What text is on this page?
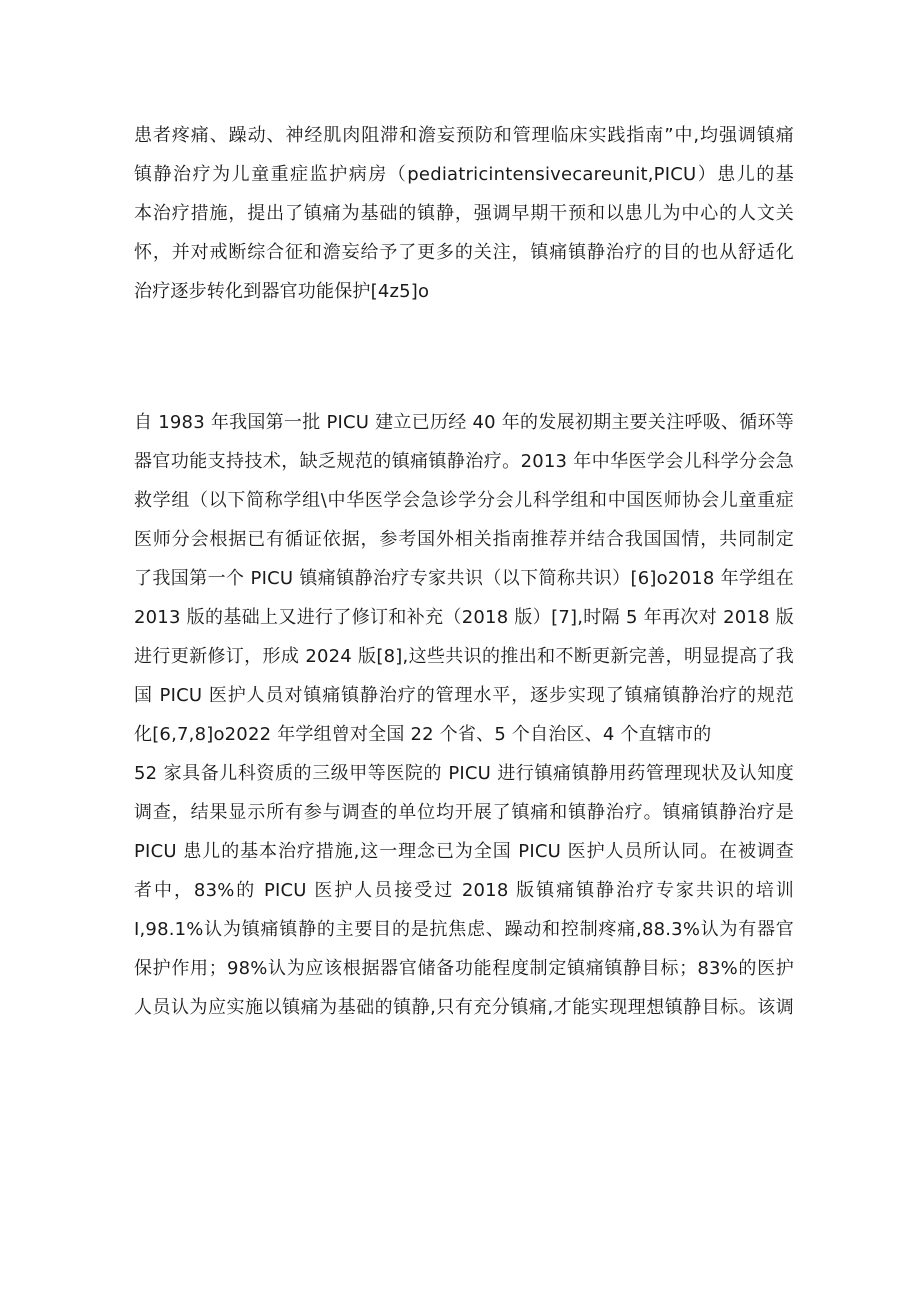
患者疼痛、躁动、神经肌肉阻滞和澹妄预防和管理临床实践指南”中,均强调镇痛
镇静治疗为儿童重症监护病房（pediatricintensivecareunit,PICU）患儿的基
本治疗措施，提出了镇痛为基础的镇静，强调早期干预和以患儿为中心的人文关
怀，并对戒断综合征和澹妄给予了更多的关注，镇痛镇静治疗的目的也从舒适化
治疗逐步转化到器官功能保护[4z5]o
自 1983 年我国第一批 PICU 建立已历经 40 年的发展初期主要关注呼吸、循环等
器官功能支持技术，缺乏规范的镇痛镇静治疗。2013 年中华医学会儿科学分会急
救学组（以下简称学组\中华医学会急诊学分会儿科学组和中国医师协会儿童重症
医师分会根据已有循证依据，参考国外相关指南推荐并结合我国国情，共同制定
了我国第一个 PICU 镇痛镇静治疗专家共识（以下简称共识）[6]o2018 年学组在
2013 版的基础上又进行了修订和补充（2018 版）[7],时隔 5 年再次对 2018 版
进行更新修订，形成 2024 版[8],这些共识的推出和不断更新完善，明显提高了我
国 PICU 医护人员对镇痛镇静治疗的管理水平，逐步实现了镇痛镇静治疗的规范
化[6,7,8]o2022 年学组曾对全国 22 个省、5 个自治区、4 个直辖市的
52 家具备儿科资质的三级甲等医院的 PICU 进行镇痛镇静用药管理现状及认知度
调查，结果显示所有参与调查的单位均开展了镇痛和镇静治疗。镇痛镇静治疗是
PICU 患儿的基本治疗措施,这一理念已为全国 PICU 医护人员所认同。在被调查
者中，83%的 PICU 医护人员接受过 2018 版镇痛镇静治疗专家共识的培训
I,98.1%认为镇痛镇静的主要目的是抗焦虑、躁动和控制疼痛,88.3%认为有器官
保护作用；98%认为应该根据器官储备功能程度制定镇痛镇静目标；83%的医护
人员认为应实施以镇痛为基础的镇静,只有充分镇痛,才能实现理想镇静目标。该调
